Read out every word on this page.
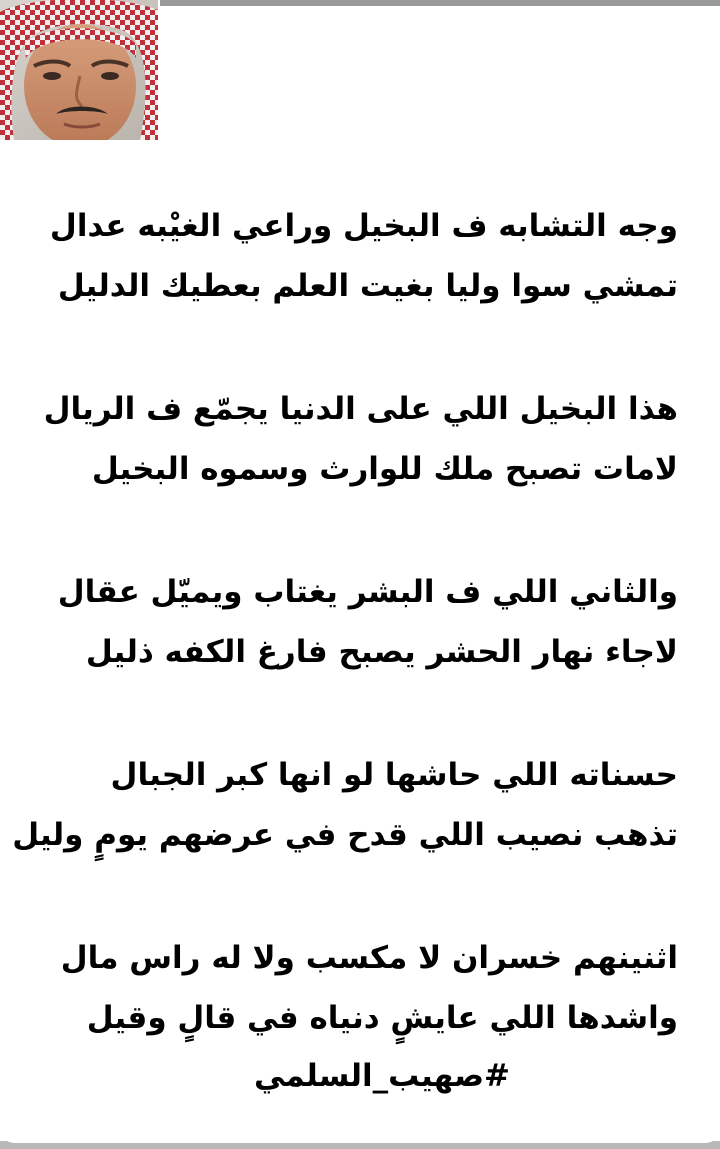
وجه التشابه ف البخيل وراعي الغيْبه عدال
تمشي سوا وليا بغيت العلم بعطيك الدليل
هذا البخيل اللي على الدنيا يجمّع ف الريال
لامات تصبح ملك للوارث وسموه البخيل
والثاني اللي ف البشر يغتاب ويميّل عقال
لاجاء نهار الحشر يصبح فارغ الكفه ذليل
حسناته اللي حاشها لو انها كبر الجبال
تذهب نصيب اللي قدح في عرضهم يومٍ وليل
اثنينهم خسران لا مكسب ولا له راس مال
واشدها اللي عايشٍ دنياه في قالٍ وقيل
#صهيب_السلمي
